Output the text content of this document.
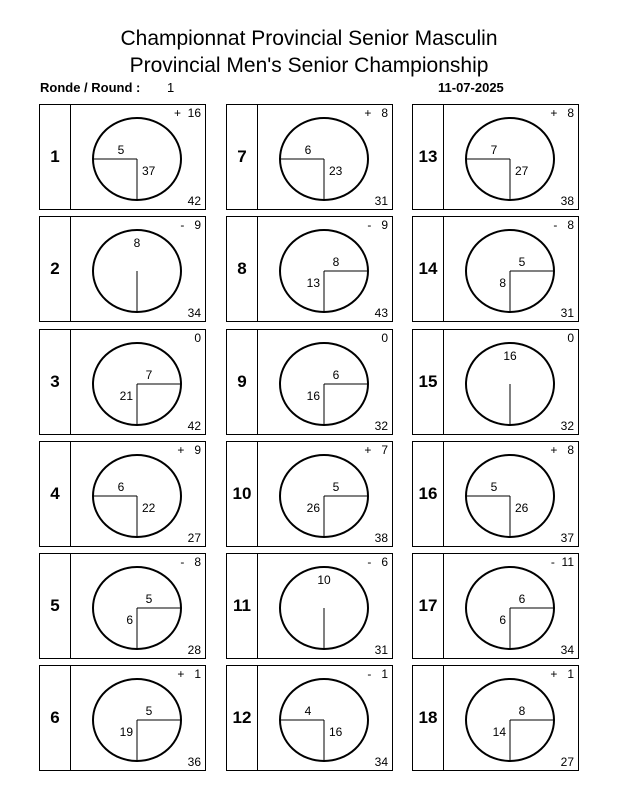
Championnat Provincial Senior Masculin
Provincial Men's Senior Championship
Ronde / Round : 1	11-07-2025
1
+  16
42
5
37
7
+   8
31
6
23
13
+   8
38
7
27
2
-   9
34
8
8
-   9
43
8
13
14
-   8
31
5
8
3
0
42
7
21
9
0
32
6
16
15
0
32
16
4
+   9
27
6
22
10
+   7
38
5
26
16
+   8
37
5
26
5
-   8
28
5
6
11
-   6
31
10
17
-  11
34
6
6
6
+   1
36
5
19
12
-   1
34
4
16
18
+   1
27
8
14
